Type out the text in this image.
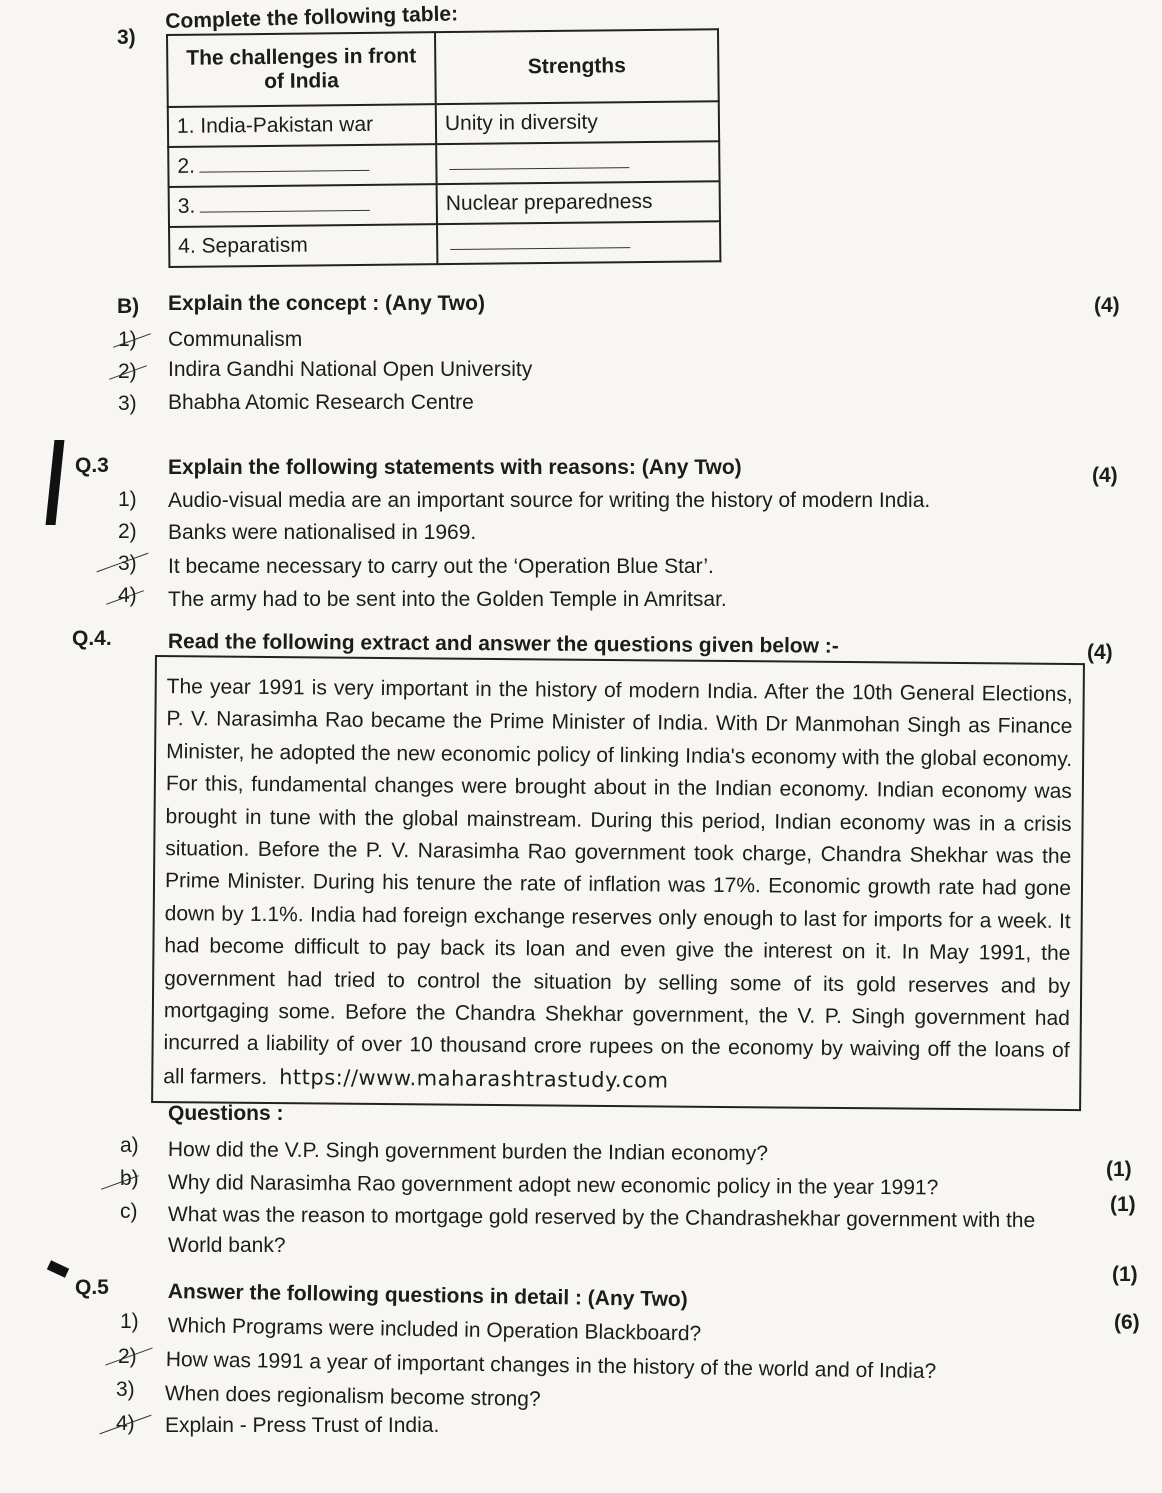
3)
Complete the following table:
The challenges in front of India	Strengths
1. India-Pakistan war	Unity in diversity
2.	
3.	Nuclear preparedness
4. Separatism	
B) Explain the concept : (Any Two)	(4)
1) Communalism
2) Indira Gandhi National Open University
3) Bhabha Atomic Research Centre
Q.3	Explain the following statements with reasons: (Any Two)	(4)
1) Audio-visual media are an important source for writing the history of modern India.
2) Banks were nationalised in 1969.
3) It became necessary to carry out the ‘Operation Blue Star’.
4) The army had to be sent into the Golden Temple in Amritsar.
Q.4.	Read the following extract and answer the questions given below :-	(4)

The year 1991 is very important in the history of modern India. After the 10th General Elections, P. V. Narasimha Rao became the Prime Minister of India. With Dr Manmohan Singh as Finance Minister, he adopted the new economic policy of linking India's economy with the global economy. For this, fundamental changes were brought about in the Indian economy. Indian economy was brought in tune with the global mainstream. During this period, Indian economy was in a crisis situation. Before the P. V. Narasimha Rao government took charge, Chandra Shekhar was the Prime Minister. During his tenure the rate of inflation was 17%. Economic growth rate had gone down by 1.1%. India had foreign exchange reserves only enough to last for imports for a week. It had become difficult to pay back its loan and even give the interest on it. In May 1991, the government had tried to control the situation by selling some of its gold reserves and by mortgaging some. Before the Chandra Shekhar government, the V. P. Singh government had incurred a liability of over 10 thousand crore rupees on the economy by waiving off the loans of all farmers. https://www.maharashtrastudy.com

Questions :
a) How did the V.P. Singh government burden the Indian economy?
(1)
b) Why did Narasimha Rao government adopt new economic policy in the year 1991?
(1)
c) What was the reason to mortgage gold reserved by the Chandrashekhar government with the
World bank?
(1)
Q.5	Answer the following questions in detail : (Any Two)
(6)
1) Which Programs were included in Operation Blackboard?
2) How was 1991 a year of important changes in the history of the world and of India?
3) When does regionalism become strong?
4) Explain - Press Trust of India.
